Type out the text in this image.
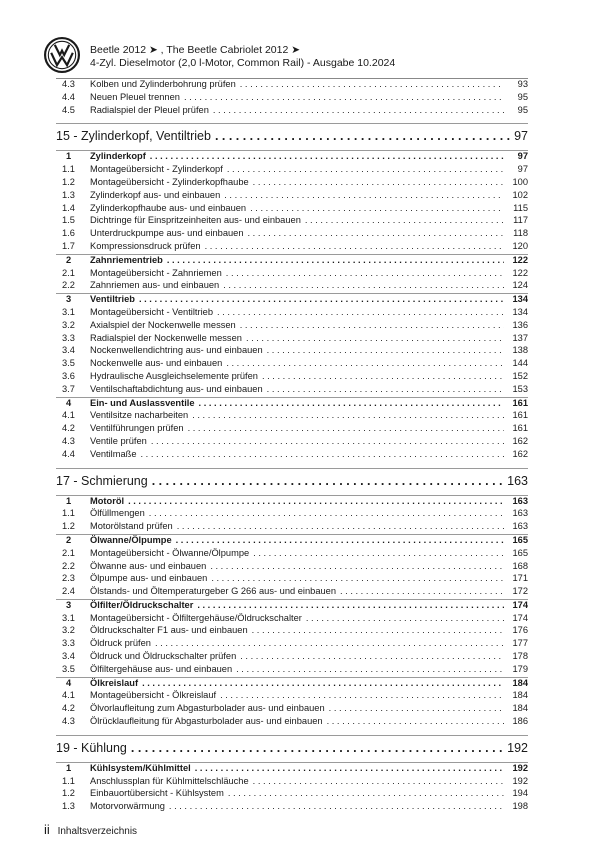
Beetle 2012 ➤ , The Beetle Cabriolet 2012 ➤
4-Zyl. Dieselmotor (2,0 l-Motor, Common Rail) - Ausgabe 10.2024
4.3	Kolben und Zylinderbohrung prüfen . . .	93
4.4	Neuen Pleuel trennen . . .	95
4.5	Radialspiel der Pleuel prüfen . . .	95
15 - Zylinderkopf, Ventiltrieb . . .	97
1	Zylinderkopf . . .	97
1.1	Montageübersicht - Zylinderkopf . . .	97
1.2	Montageübersicht - Zylinderkopfhaube . . .	100
1.3	Zylinderkopf aus- und einbauen . . .	102
1.4	Zylinderkopfhaube aus- und einbauen . . .	115
1.5	Dichtringe für Einspritzeinheiten aus- und einbauen . . .	117
1.6	Unterdruckpumpe aus- und einbauen . . .	118
1.7	Kompressionsdruck prüfen . . .	120
2	Zahnriementrieb . . .	122
2.1	Montageübersicht - Zahnriemen . . .	122
2.2	Zahnriemen aus- und einbauen . . .	124
3	Ventiltrieb . . .	134
3.1	Montageübersicht - Ventiltrieb . . .	134
3.2	Axialspiel der Nockenwelle messen . . .	136
3.3	Radialspiel der Nockenwelle messen . . .	137
3.4	Nockenwellendichtring aus- und einbauen . . .	138
3.5	Nockenwelle aus- und einbauen . . .	144
3.6	Hydraulische Ausgleichselemente prüfen . . .	152
3.7	Ventilschaftabdichtung aus- und einbauen . . .	153
4	Ein- und Auslassventile . . .	161
4.1	Ventilsitze nacharbeiten . . .	161
4.2	Ventilführungen prüfen . . .	161
4.3	Ventile prüfen . . .	162
4.4	Ventilmaße . . .	162
17 - Schmierung . . .	163
1	Motoröl . . .	163
1.1	Ölfüllmengen . . .	163
1.2	Motorölstand prüfen . . .	163
2	Ölwanne/Ölpumpe . . .	165
2.1	Montageübersicht - Ölwanne/Ölpumpe . . .	165
2.2	Ölwanne aus- und einbauen . . .	168
2.3	Ölpumpe aus- und einbauen . . .	171
2.4	Ölstands- und Öltemperaturgeber G 266 aus- und einbauen . . .	172
3	Ölfilter/Öldruckschalter . . .	174
3.1	Montageübersicht - Ölfiltergehäuse/Öldruckschalter . . .	174
3.2	Öldruckschalter F1 aus- und einbauen . . .	176
3.3	Öldruck prüfen . . .	177
3.4	Öldruck und Öldruckschalter prüfen . . .	178
3.5	Ölfiltergehäuse aus- und einbauen . . .	179
4	Ölkreislauf . . .	184
4.1	Montageübersicht - Ölkreislauf . . .	184
4.2	Ölvorlaufleitung zum Abgasturbolader aus- und einbauen . . .	184
4.3	Ölrücklaufleitung für Abgasturbolader aus- und einbauen . . .	186
19 - Kühlung . . .	192
1	Kühlsystem/Kühlmittel . . .	192
1.1	Anschlussplan für Kühlmittelschläuche . . .	192
1.2	Einbauortübersicht - Kühlsystem . . .	194
1.3	Motorvorwärmung . . .	198
ii Inhaltsverzeichnis
